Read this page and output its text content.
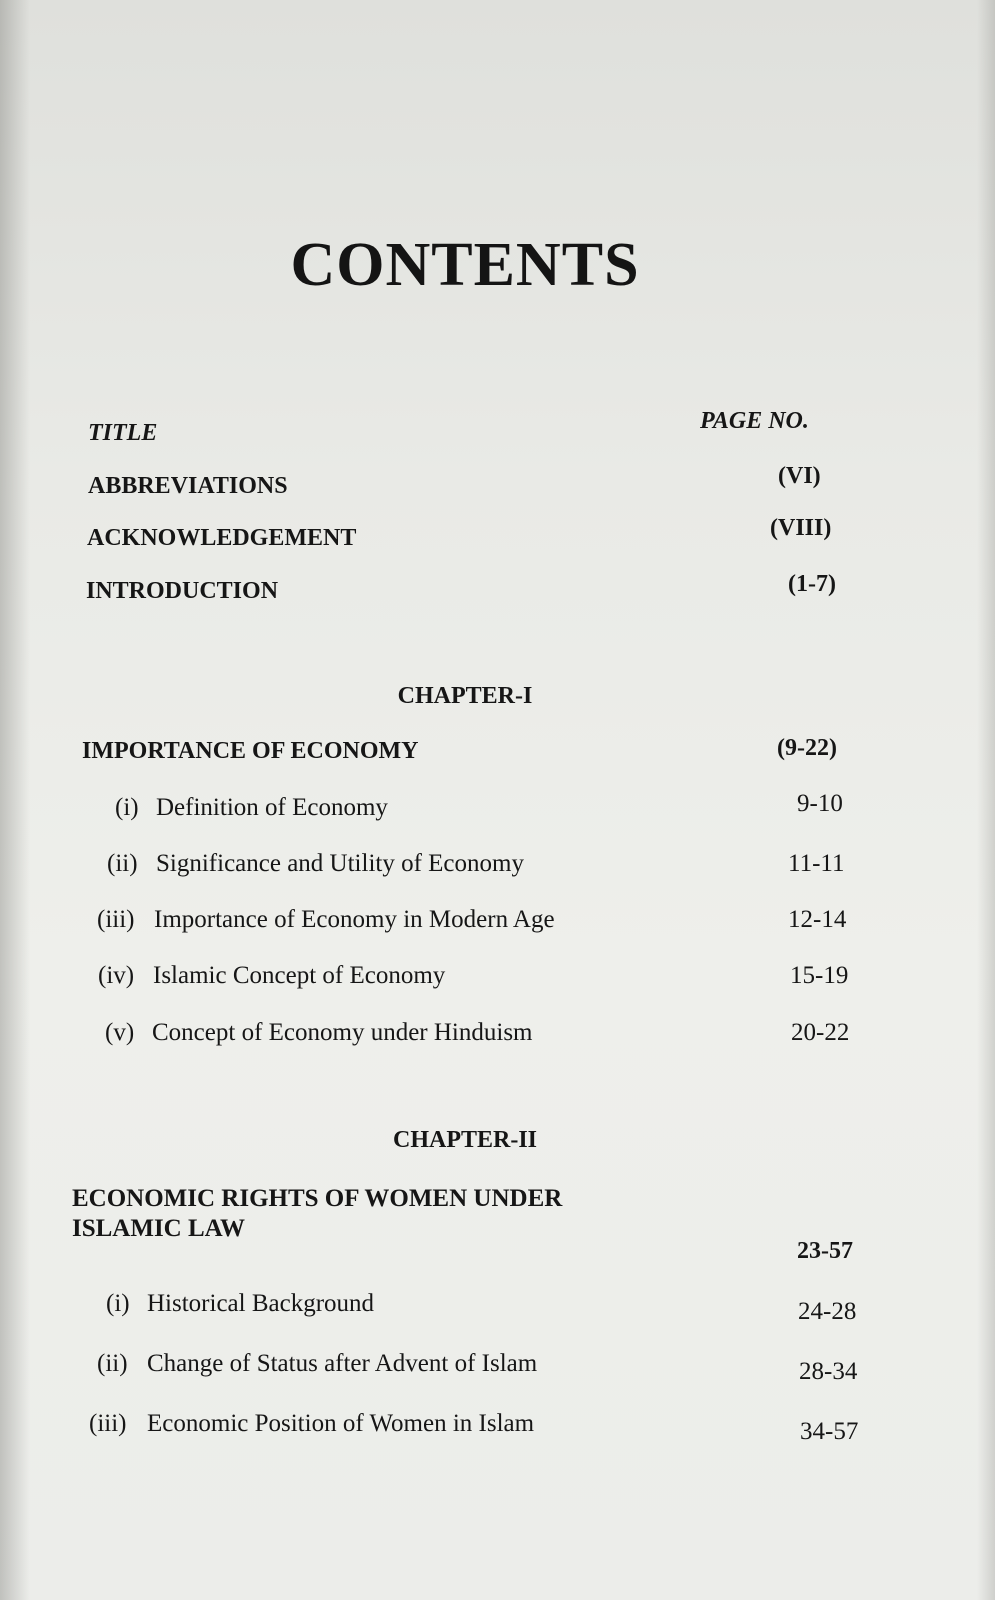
CONTENTS
TITLE	PAGE NO.
ABBREVIATIONS	(VI)
ACKNOWLEDGEMENT	(VIII)
INTRODUCTION	(1-7)
CHAPTER-I
IMPORTANCE OF ECONOMY	(9-22)
(i) Definition of Economy	9-10
(ii) Significance and Utility of Economy	11-11
(iii) Importance of Economy in Modern Age	12-14
(iv) Islamic Concept of Economy	15-19
(v) Concept of Economy under Hinduism	20-22
CHAPTER-II
ECONOMIC RIGHTS OF WOMEN UNDER
ISLAMIC LAW
23-57
(i) Historical Background	24-28
(ii) Change of Status after Advent of Islam	28-34
(iii) Economic Position of Women in Islam	34-57
